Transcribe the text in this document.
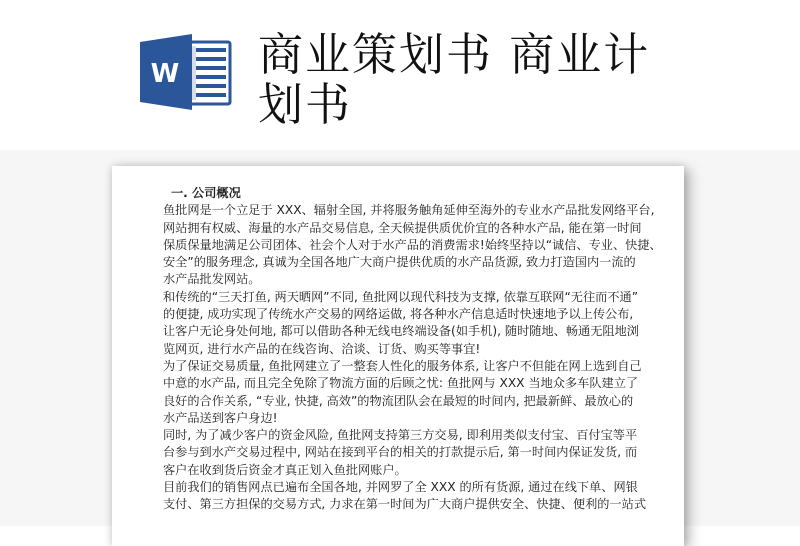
W 商业策划书 商业计
划书
一. 公司概况
鱼批网是一个立足于 XXX、辐射全国, 并将服务触角延伸至海外的专业水产品批发网络平台,
网站拥有权威、海量的水产品交易信息, 全天候提供质优价宜的各种水产品, 能在第一时间
保质保量地满足公司团体、社会个人对于水产品的消费需求!始终坚持以“诚信、专业、快捷、
安全”的服务理念, 真诚为全国各地广大商户提供优质的水产品货源, 致力打造国内一流的
水产品批发网站。
和传统的“三天打鱼, 两天晒网”不同, 鱼批网以现代科技为支撑, 依靠互联网“无往而不通”
的便捷, 成功实现了传统水产交易的网络运做, 将各种水产信息适时快速地予以上传公布,
让客户无论身处何地, 都可以借助各种无线电终端设备(如手机), 随时随地、畅通无阻地浏
览网页, 进行水产品的在线咨询、洽谈、订货、购买等事宜!
为了保证交易质量, 鱼批网建立了一整套人性化的服务体系, 让客户不但能在网上选到自己
中意的水产品, 而且完全免除了物流方面的后顾之忧: 鱼批网与 XXX 当地众多车队建立了
良好的合作关系, “专业, 快捷, 高效”的物流团队会在最短的时间内, 把最新鲜、最放心的
水产品送到客户身边!
同时, 为了减少客户的资金风险, 鱼批网支持第三方交易, 即利用类似支付宝、百付宝等平
台参与到水产交易过程中, 网站在接到平台的相关的打款提示后, 第一时间内保证发货, 而
客户在收到货后资金才真正划入鱼批网账户。
目前我们的销售网点已遍布全国各地, 并网罗了全 XXX 的所有货源, 通过在线下单、网银
支付、第三方担保的交易方式, 力求在第一时间为广大商户提供安全、快捷、便利的一站式
